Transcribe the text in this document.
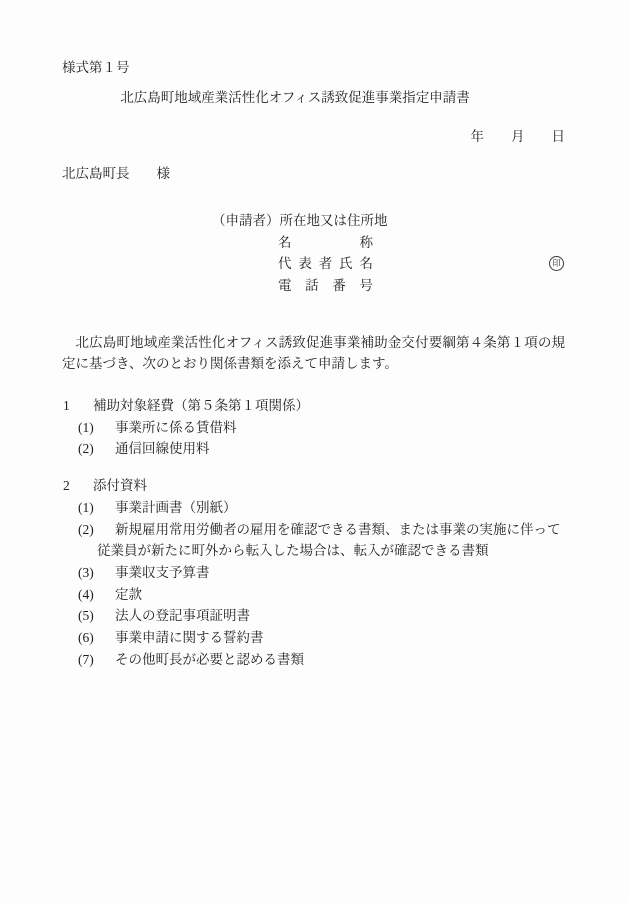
様式第１号
北広島町地域産業活性化オフィス誘致促進事業指定申請書
年　　月　　日
北広島町長　　様
（申請者）所在地又は住所地
名称
代表者氏名	印
電話番号

北広島町地域産業活性化オフィス誘致促進事業補助金交付要綱第４条第１項の規定に基づき、次のとおり関係書類を添えて申請します。

1 補助対象経費（第５条第１項関係）
(1)	事業所に係る賃借料
(2)	通信回線使用料
2 添付資料
(1)	事業計画書（別紙）
(2)	新規雇用常用労働者の雇用を確認できる書類、または事業の実施に伴って従業員が新たに町外から転入した場合は、転入が確認できる書類
(3)	事業収支予算書
(4)	定款
(5)	法人の登記事項証明書
(6)	事業申請に関する誓約書
(7)	その他町長が必要と認める書類
